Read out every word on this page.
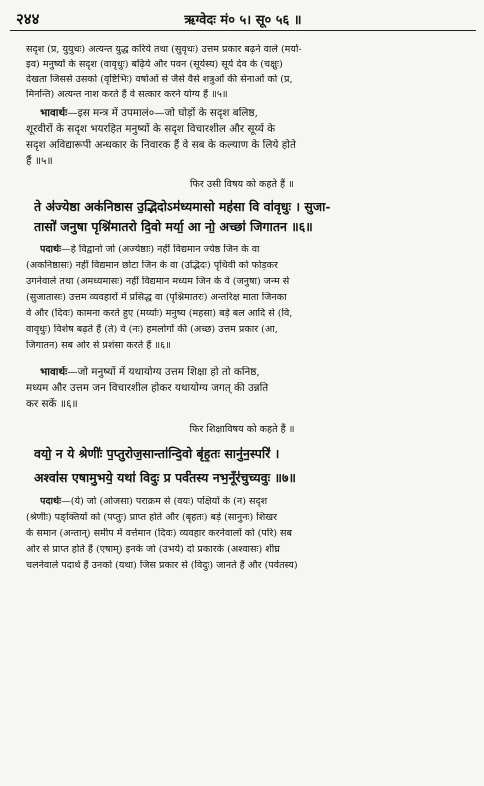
२४४	ऋग्वेदः मं० ५। सू० ५६ ॥
सदृश (प्र, युयुधः) अत्यन्त युद्ध करिये तथा (सुवृधः) उत्तम प्रकार बढ़ने वाले (मर्या-
इव) मनुष्यों के सदृश (वावृधुः) बढ़िये और पवन (सूर्यस्य) सूर्य देव के (चक्षुः)
देखता जिससे उसको (वृष्टिभिः) वर्षाओं से जैसे वैसे शत्रुओं की सेनाओं को (प्र,
मिनन्ति) अत्यन्त नाश करते हैं वे सत्कार करने योग्य हैं ॥५॥
भावार्थः—इस मन्त्र में उपमालं०—जो घोड़ों के सदृश बलिष्ठ,
शूरवीरों के सदृश भयरहित मनुष्यों के सदृश विचारशील और सूर्य्य के
सदृश अविद्यारूपी अन्धकार के निवारक हैं वे सब के कल्याण के लिये होते
हैं ॥५॥
फिर उसी विषय को कहते हैं ॥
ते अ॑ज्येष्ठा अक॑निष्ठास उ॒द्भिदोऽम॑ध्यमासो मह॑सा वि वा॑वृधुः । सुजा-
तासो॑ जनुषा पृश्नि॑मातरो दि॒वो मर्या॒ आ नो॒ अच्छा॑ जिगातन ॥६॥
पदार्थः—हे विद्वानो जो (अज्येष्ठाः) नहीं विद्यमान ज्येष्ठ जिन के वा
(अकनिष्ठासः) नहीं विद्यमान छोटा जिन के वा (उद्भिदः) पृथिवी को फोड़कर
उगनेवाले तथा (अमध्यमासः) नहीं विद्यमान मध्यम जिन के वे (जनुषा) जन्म से
(सुजातासः) उत्तम व्यवहारों में प्रसिद्ध वा (पृश्निमातरः) अन्तरिक्ष माता जिनका
वे और (दिवः) कामना करते हुए (मर्य्याः) मनुष्य (महसा) बड़े बल आदि से (वि,
वावृधुः) विशेष बढ़ते हैं (ते) वे (नः) हमलोगों की (अच्छ) उत्तम प्रकार (आ,
जिगातन) सब ओर से प्रशंसा करते हैं ॥६॥
भावार्थः—जो मनुष्यों में यथायोग्य उत्तम शिक्षा हो तो कनिष्ठ,
मध्यम और उत्तम जन विचारशील होकर यथायोग्य जगत् की उन्नति
कर सकें ॥६॥
फिर शिक्षाविषय को कहते हैं ॥
वयो॒ न ये श्रेणीः॑ प॒प्तुरोज॒सान्ता॑न्दि॒वो बृ॑ह॒तः सानु॑न॒स्परि॑ ।
अश्वा॑स एषामु॒भये॒ यथा॑ विदुः प्र पर्व॑तस्य नभ॒नूँर॑चुच्यवुः ॥७॥
पदार्थः—(ये) जो (ओजसा) पराक्रम से (वयः) पक्षियों के (न) सदृश
(श्रेणीः) पङ्क्तियों को (पप्तुः) प्राप्त होते और (बृहतः) बड़े (सानुनः) शिखर
के समान (अन्तान्) समीप में वर्त्तमान (दिवः) व्यवहार करनेवालों को (परि) सब
ओर से प्राप्त होते हैं (एषाम्) इनके जो (उभये) दो प्रकारके (अश्वासः) शीघ्र
चलनेवाले पदार्थ हैं उनको (यथा) जिस प्रकार से (विदुः) जानते हैं और (पर्वतस्य)
